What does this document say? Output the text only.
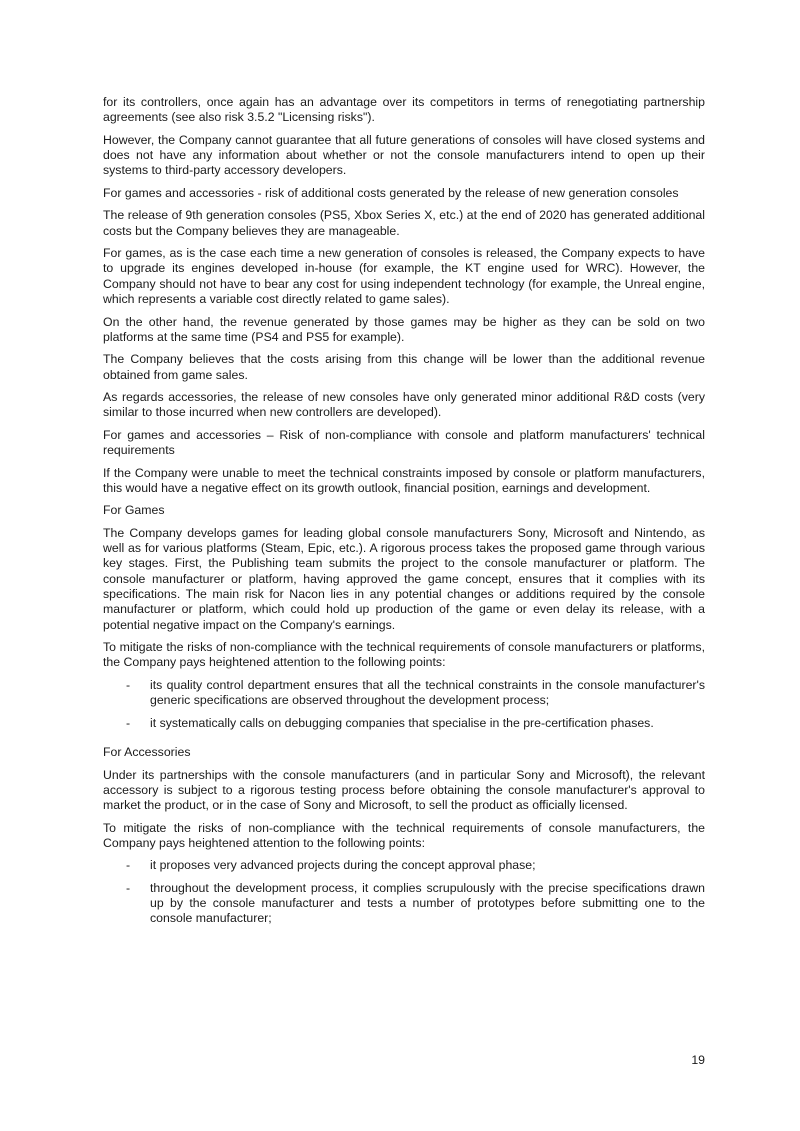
for its controllers, once again has an advantage over its competitors in terms of renegotiating partnership agreements (see also risk 3.5.2 "Licensing risks").

However, the Company cannot guarantee that all future generations of consoles will have closed systems and does not have any information about whether or not the console manufacturers intend to open up their systems to third-party accessory developers.

For games and accessories - risk of additional costs generated by the release of new generation consoles

The release of 9th generation consoles (PS5, Xbox Series X, etc.) at the end of 2020 has generated additional costs but the Company believes they are manageable.

For games, as is the case each time a new generation of consoles is released, the Company expects to have to upgrade its engines developed in-house (for example, the KT engine used for WRC). However, the Company should not have to bear any cost for using independent technology (for example, the Unreal engine, which represents a variable cost directly related to game sales).

On the other hand, the revenue generated by those games may be higher as they can be sold on two platforms at the same time (PS4 and PS5 for example).

The Company believes that the costs arising from this change will be lower than the additional revenue obtained from game sales.

As regards accessories, the release of new consoles have only generated minor additional R&D costs (very similar to those incurred when new controllers are developed).

For games and accessories – Risk of non-compliance with console and platform manufacturers' technical requirements

If the Company were unable to meet the technical constraints imposed by console or platform manufacturers, this would have a negative effect on its growth outlook, financial position, earnings and development.

For Games

The Company develops games for leading global console manufacturers Sony, Microsoft and Nintendo, as well as for various platforms (Steam, Epic, etc.). A rigorous process takes the proposed game through various key stages. First, the Publishing team submits the project to the console manufacturer or platform. The console manufacturer or platform, having approved the game concept, ensures that it complies with its specifications. The main risk for Nacon lies in any potential changes or additions required by the console manufacturer or platform, which could hold up production of the game or even delay its release, with a potential negative impact on the Company's earnings.

To mitigate the risks of non-compliance with the technical requirements of console manufacturers or platforms, the Company pays heightened attention to the following points:

- its quality control department ensures that all the technical constraints in the console manufacturer's generic specifications are observed throughout the development process;
- it systematically calls on debugging companies that specialise in the pre-certification phases.

For Accessories

Under its partnerships with the console manufacturers (and in particular Sony and Microsoft), the relevant accessory is subject to a rigorous testing process before obtaining the console manufacturer's approval to market the product, or in the case of Sony and Microsoft, to sell the product as officially licensed.

To mitigate the risks of non-compliance with the technical requirements of console manufacturers, the Company pays heightened attention to the following points:

- it proposes very advanced projects during the concept approval phase;
- throughout the development process, it complies scrupulously with the precise specifications drawn up by the console manufacturer and tests a number of prototypes before submitting one to the console manufacturer;
19
